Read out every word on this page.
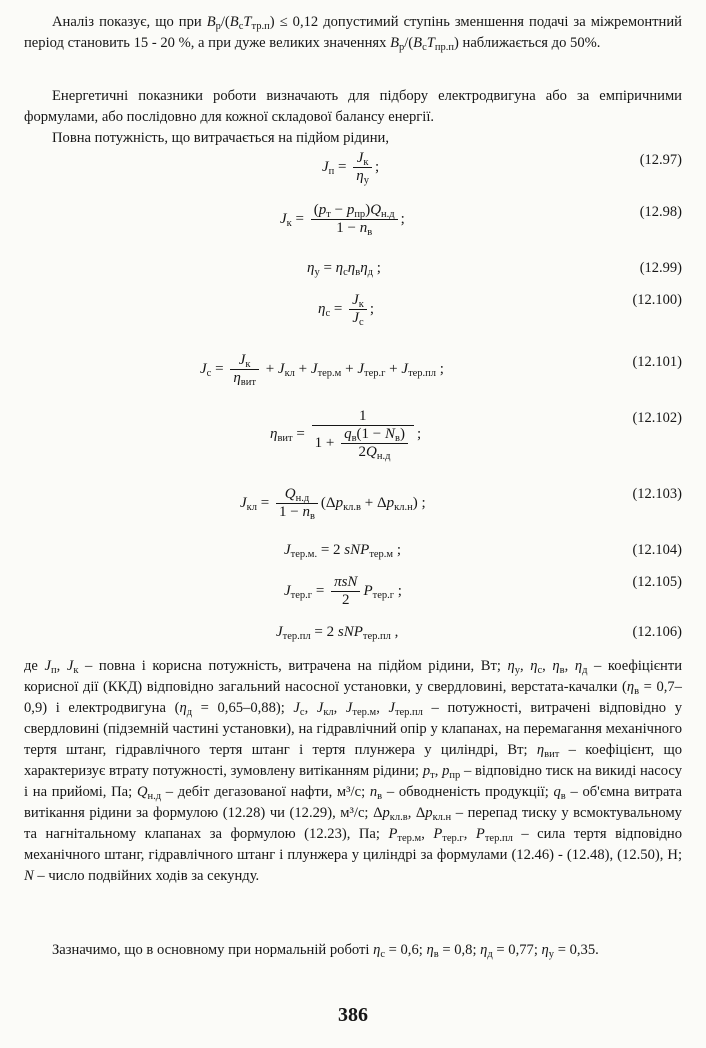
Аналіз показує, що при $B_р/(B_сT_{тр.п}) \le 0,12$ допустимий ступінь зменшення подачі за міжремонтний період становить 15 - 20 %, а при дуже великих значеннях $B_р/(B_сT_{пр.п})$ наближається до 50%.

Енергетичні показники роботи визначають для підбору електродвигуна або за емпіричними формулами, або послідовно для кожної складової балансу енергії.

Повна потужність, що витрачається на підйом рідини,

$J_п$ =
$J_к$
$\eta_у$
;	(12.97)
$J_к$ =
$(p_т - p_{пр})Q_{н.д}$
$1 - n_в$
;	(12.98)
$\eta_у = \eta_с\eta_в\eta_д$ ;	(12.99)
$\eta_с$ =
$J_к$
$J_с$
;
(12.100)
$J_с$ =
$J_к$
$\eta_{вит}$
+ $J_{кл} + J_{тер.м} + J_{тер.г} + J_{тер.пл}$ ;	(12.101)
$\eta_{вит}$ =
1
1 +
$q_в(1 - N_в)$
$2Q_{н.д}$
;
(12.102)
$J_{кл}$ =
$Q_{н.д}$
$1 - n_в$
$(\Delta p_{кл.в} + \Delta p_{кл.н})$ ;
(12.103)
$J_{тер.м.} = 2$ sNP$_{тер.м}$ ;	(12.104)
$J_{тер.г}$ =
πsN
2
$P_{тер.г}$ ;
(12.105)
$J_{тер.пл} = 2$ sNP$_{тер.пл}$ ,	(12.106)

де $J_п$, $J_к$ – повна і корисна потужність, витрачена на підйом рідини, Вт; $\eta_у$, $\eta_с$, $\eta_в$, $\eta_д$ – коефіцієнти корисної дії (ККД) відповідно загальний насосної установки, у свердловині, верстата-качалки $(\eta_в = 0,7-0,9)$ і електродвигуна $(\eta_д = 0,65-0,88)$; $J_с$, $J_{кл}$, $J_{тер.м}$, $J_{тер.пл}$ – потужності, витрачені відповідно у свердловині (підземній частині установки), на гідравлічний опір у клапанах, на перемагання механічного тертя штанг, гідравлічного тертя штанг і тертя плунжера у циліндрі, Вт; $\eta_{вит}$ – коефіцієнт, що характеризує втрату потужності, зумовлену витіканням рідини; $p_т$, $p_{пр}$ – відповідно тиск на викиді насосу і на прийомі, Па; $Q_{н.д}$ – дебіт дегазованої нафти, м³/с; $n_в$ – обводненість продукції; $q_в$ – об'ємна витрата витікання рідини за формулою (12.28) чи (12.29), м³/с; $\Delta p_{кл.в}$, $\Delta p_{кл.н}$ – перепад тиску у всмоктувальному та нагнітальному клапанах за формулою (12.23), Па; $P_{тер.м}$, $P_{тер.г}$, $P_{тер.пл}$ – сила тертя відповідно механічного штанг, гідравлічного штанг і плунжера у циліндрі за формулами (12.46) - (12.48), (12.50), Н; N – число подвійних ходів за секунду.

Зазначимо, що в основному при нормальній роботі $\eta_с = 0,6$; $\eta_в = 0,8$; $\eta_д = 0,77$; $\eta_у = 0,35$.

386
